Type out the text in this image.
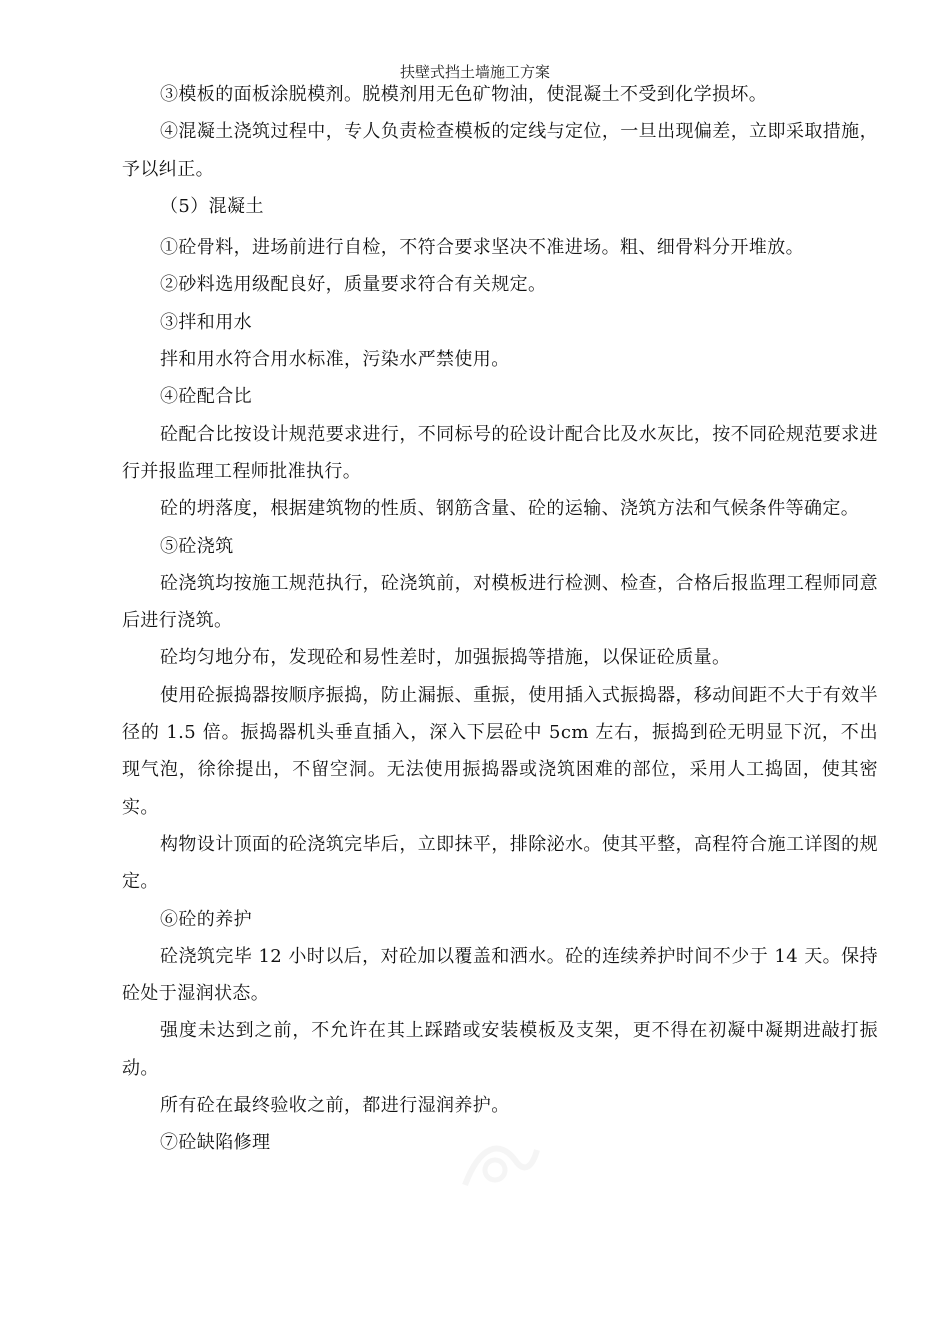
扶壁式挡土墙施工方案

③模板的面板涂脱模剂。脱模剂用无色矿物油，使混凝土不受到化学损坏。

④混凝土浇筑过程中，专人负责检查模板的定线与定位，一旦出现偏差，立即采取措施，予以纠正。

（5）混凝土

①砼骨料，进场前进行自检，不符合要求坚决不准进场。粗、细骨料分开堆放。

②砂料选用级配良好，质量要求符合有关规定。

③拌和用水

拌和用水符合用水标准，污染水严禁使用。

④砼配合比

砼配合比按设计规范要求进行，不同标号的砼设计配合比及水灰比，按不同砼规范要求进行并报监理工程师批准执行。

砼的坍落度，根据建筑物的性质、钢筋含量、砼的运输、浇筑方法和气候条件等确定。

⑤砼浇筑

砼浇筑均按施工规范执行，砼浇筑前，对模板进行检测、检查，合格后报监理工程师同意后进行浇筑。

砼均匀地分布，发现砼和易性差时，加强振捣等措施，以保证砼质量。

使用砼振捣器按顺序振捣，防止漏振、重振，使用插入式振捣器，移动间距不大于有效半径的 1.5 倍。振捣器机头垂直插入，深入下层砼中 5cm 左右，振捣到砼无明显下沉，不出现气泡，徐徐提出，不留空洞。无法使用振捣器或浇筑困难的部位，采用人工捣固，使其密实。

构物设计顶面的砼浇筑完毕后，立即抹平，排除泌水。使其平整，高程符合施工详图的规定。

⑥砼的养护

砼浇筑完毕 12 小时以后，对砼加以覆盖和洒水。砼的连续养护时间不少于 14 天。保持砼处于湿润状态。

强度未达到之前，不允许在其上踩踏或安装模板及支架，更不得在初凝中凝期进敲打振动。

所有砼在最终验收之前，都进行湿润养护。

⑦砼缺陷修理
